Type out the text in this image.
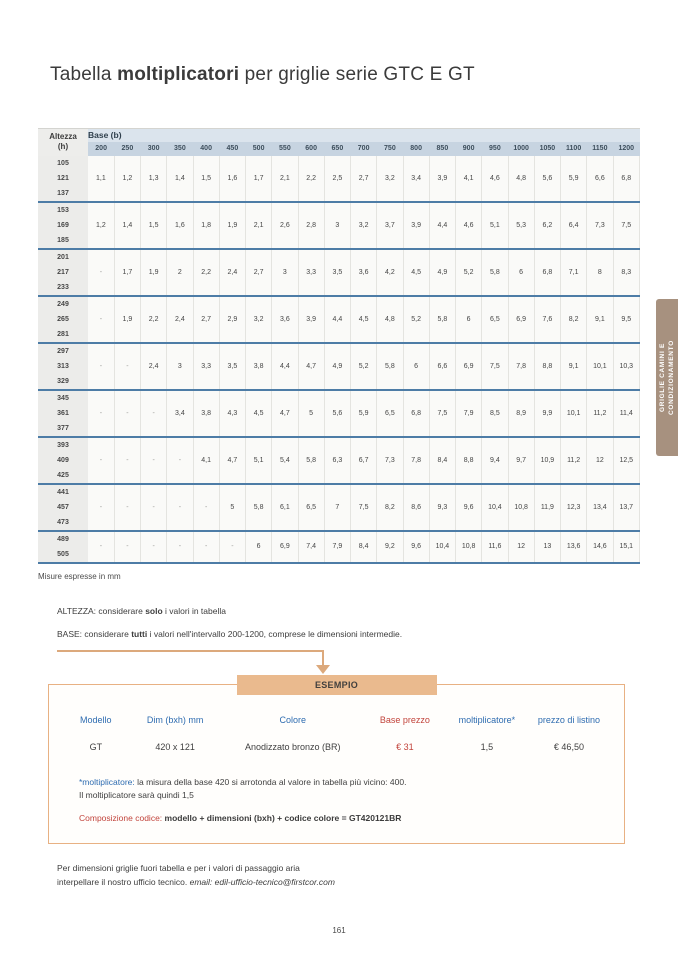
Tabella moltiplicatori per griglie serie GTC E GT
Altezza
(h)	Base (b)																				
	200	250	300	350	400	450	500	550	600	650	700	750	800	850	900	950	1000	1050	1100	1150	1200

105
121
137	1,1	1,2	1,3	1,4	1,5	1,6	1,7	2,1	2,2	2,5	2,7	3,2	3,4	3,9	4,1	4,6	4,8	5,6	5,9	6,6	6,8

153
169
185	1,2	1,4	1,5	1,6	1,8	1,9	2,1	2,6	2,8	3	3,2	3,7	3,9	4,4	4,6	5,1	5,3	6,2	6,4	7,3	7,5

201
217
233	-	1,7	1,9	2	2,2	2,4	2,7	3	3,3	3,5	3,6	4,2	4,5	4,9	5,2	5,8	6	6,8	7,1	8	8,3

249
265
281	-	1,9	2,2	2,4	2,7	2,9	3,2	3,6	3,9	4,4	4,5	4,8	5,2	5,8	6	6,5	6,9	7,6	8,2	9,1	9,5

297
313
329	-	-	2,4	3	3,3	3,5	3,8	4,4	4,7	4,9	5,2	5,8	6	6,6	6,9	7,5	7,8	8,8	9,1	10,1	10,3

345
361
377	-	-	-	3,4	3,8	4,3	4,5	4,7	5	5,6	5,9	6,5	6,8	7,5	7,9	8,5	8,9	9,9	10,1	11,2	11,4

393
409
425	-	-	-	-	4,1	4,7	5,1	5,4	5,8	6,3	6,7	7,3	7,8	8,4	8,8	9,4	9,7	10,9	11,2	12	12,5

441
457
473	-	-	-	-	-	5	5,8	6,1	6,5	7	7,5	8,2	8,6	9,3	9,6	10,4	10,8	11,9	12,3	13,4	13,7

489
505	-	-	-	-	-	-	6	6,9	7,4	7,9	8,4	9,2	9,6	10,4	10,8	11,6	12	13	13,6	14,6	15,1
Misure espresse in mm

ALTEZZA: considerare solo i valori in tabella

BASE: considerare tutti i valori nell'intervallo 200-1200, comprese le dimensioni intermedie.

ESEMPIO
Modello	Dim (bxh) mm	Colore	Base prezzo	moltiplicatore*	prezzo di listino
GT	420 x 121	Anodizzato bronzo (BR)	€ 31	1,5	€ 46,50

*moltiplicatore: la misura della base 420 si arrotonda al valore in tabella più vicino: 400.
Il moltiplicatore sarà quindi 1,5

Composizione codice: modello + dimensioni (bxh) + codice colore = GT420121BR

Per dimensioni griglie fuori tabella e per i valori di passaggio aria
interpellare il nostro ufficio tecnico. email: edil-ufficio-tecnico@firstcor.com

161
GRIGLIE CAMINI E CONDIZIONAMENTO
